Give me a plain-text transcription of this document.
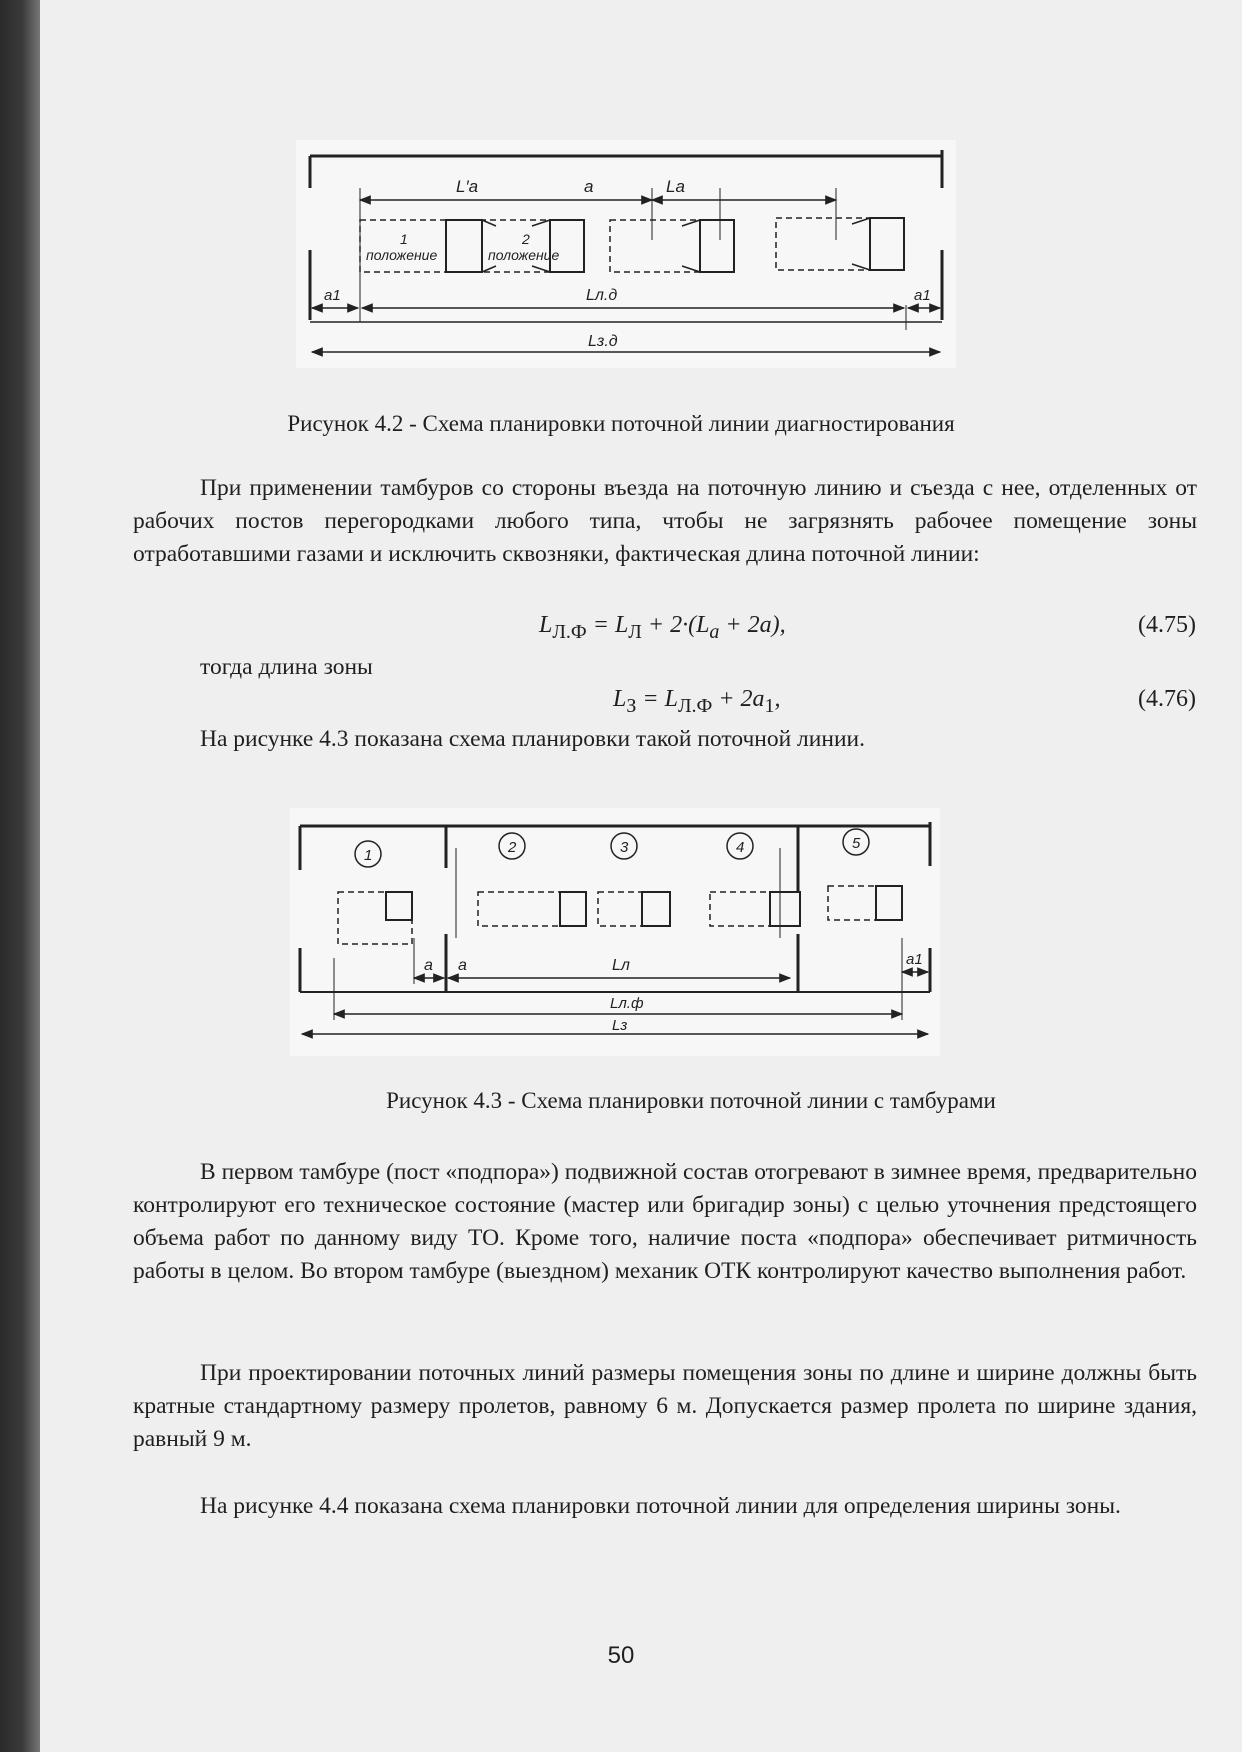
L′a	a	La
1
положение
2
положение
a1	Lл.д	a1
Lз.д
Рисунок 4.2 - Схема планировки поточной линии диагностирования

При применении тамбуров со стороны въезда на поточную линию и съезда с нее, отделенных от рабочих постов перегородками любого типа, чтобы не загрязнять рабочее помещение зоны отработавшими газами и исключить сквозняки, фактическая длина поточной линии:

$L_{Л.Ф} = L_Л + 2\cdot(L_a + 2a)$,	(4.75)
тогда длина зоны
$L_З = L_{Л.Ф} + 2a_1$,	(4.76)
На рисунке 4.3 показана схема планировки такой поточной линии.
1	2	3	4	5
a a	Lл	a1
Lл.ф
Lз
Рисунок 4.3 - Схема планировки поточной линии с тамбурами

В первом тамбуре (пост «подпора») подвижной состав отогревают в зимнее время, предварительно контролируют его техническое состояние (мастер или бригадир зоны) с целью уточнения предстоящего объема работ по данному виду ТО. Кроме того, наличие поста «подпора» обеспечивает ритмичность работы в целом. Во втором тамбуре (выездном) механик ОТК контролируют качество выполнения работ.

При проектировании поточных линий размеры помещения зоны по длине и ширине должны быть кратные стандартному размеру пролетов, равному 6 м. Допускается размер пролета по ширине здания, равный 9 м.

На рисунке 4.4 показана схема планировки поточной линии для определения ширины зоны.

50
